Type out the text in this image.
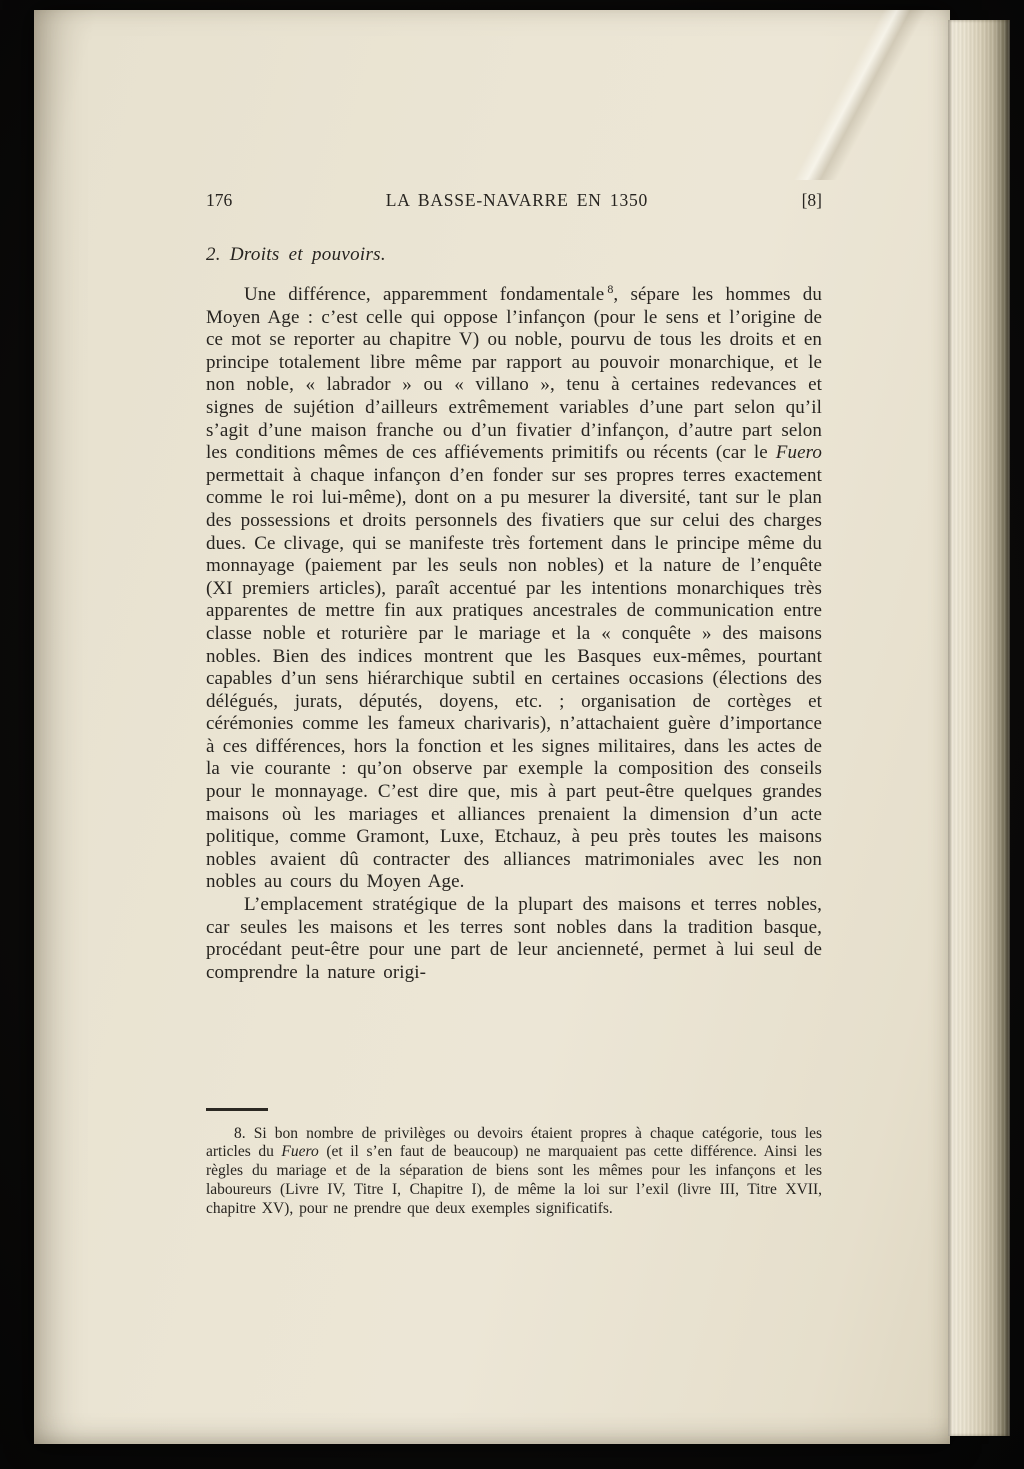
176	LA BASSE-NAVARRE EN 1350	[8]
2. Droits et pouvoirs.

Une différence, apparemment fondamentale $^8$, sépare les hommes du Moyen Age : c’est celle qui oppose l’infançon (pour le sens et l’origine de ce mot se reporter au chapitre V) ou noble, pourvu de tous les droits et en principe totalement libre même par rapport au pouvoir monarchique, et le non noble, « labrador » ou « villano », tenu à certaines redevances et signes de sujétion d’ailleurs extrêmement variables d’une part selon qu’il s’agit d’une maison franche ou d’un fivatier d’infançon, d’autre part selon les conditions mêmes de ces affiévements primitifs ou récents (car le Fuero permettait à chaque infançon d’en fonder sur ses propres terres exactement comme le roi lui-même), dont on a pu mesurer la diversité, tant sur le plan des possessions et droits personnels des fivatiers que sur celui des charges dues. Ce clivage, qui se manifeste très fortement dans le principe même du monnayage (paiement par les seuls non nobles) et la nature de l’enquête (XI premiers articles), paraît accentué par les intentions monarchiques très apparentes de mettre fin aux pratiques ancestrales de communication entre classe noble et roturière par le mariage et la « conquête » des maisons nobles. Bien des indices montrent que les Basques eux-mêmes, pourtant capables d’un sens hiérarchique subtil en certaines occasions (élections des délégués, jurats, députés, doyens, etc. ; organisation de cortèges et cérémonies comme les fameux charivaris), n’attachaient guère d’importance à ces différences, hors la fonction et les signes militaires, dans les actes de la vie courante : qu’on observe par exemple la composition des conseils pour le monnayage. C’est dire que, mis à part peut-être quelques grandes maisons où les mariages et alliances prenaient la dimension d’un acte politique, comme Gramont, Luxe, Etchauz, à peu près toutes les maisons nobles avaient dû contracter des alliances matrimoniales avec les non nobles au cours du Moyen Age.

L’emplacement stratégique de la plupart des maisons et terres nobles, car seules les maisons et les terres sont nobles dans la tradition basque, procédant peut-être pour une part de leur ancienneté, permet à lui seul de comprendre la nature origi-

8. Si bon nombre de privilèges ou devoirs étaient propres à chaque catégorie, tous les articles du Fuero (et il s’en faut de beaucoup) ne marquaient pas cette différence. Ainsi les règles du mariage et de la séparation de biens sont les mêmes pour les infançons et les laboureurs (Livre IV, Titre I, Chapitre I), de même la loi sur l’exil (livre III, Titre XVII, chapitre XV), pour ne prendre que deux exemples significatifs.
